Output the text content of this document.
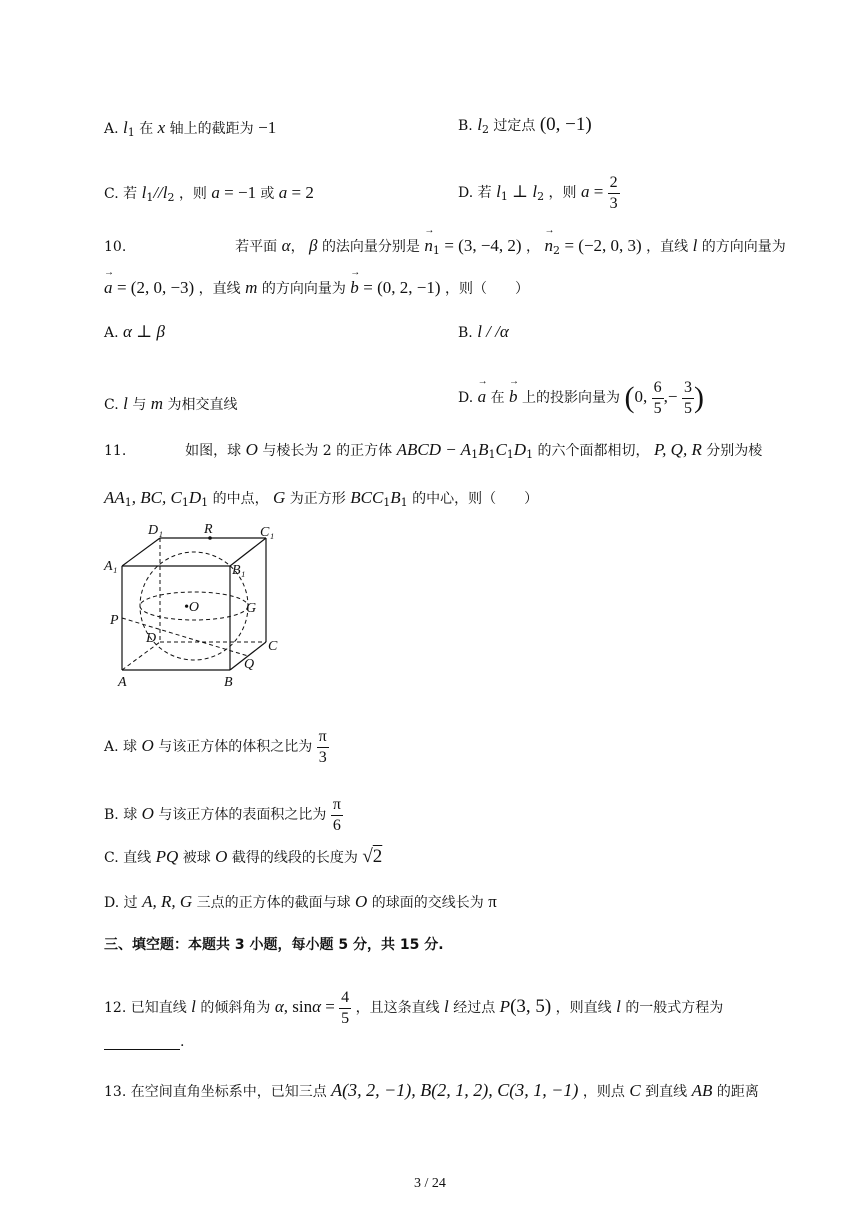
A. $l_1$ 在 x 轴上的截距为 −1	B. $l_2$ 过定点 (0, −1)
C. 若 $l_1//l_2$ ，则 a = −1 或 a = 2	D. 若 $l_1$ ⊥ $l_2$ ，则 $a = \frac{2}{3}$
10.	若平面 α， β 的法向量分别是 → $n_1 = (3$, −4, 2) ， → $n_2 = (-2$, 0, 3) ，直线 l 的方向向量为
→ a = (2, 0, −3) ，直线 m 的方向向量为 → b = (0, 2, −1) ，则（　　）
A. α ⊥ β	B. l / /α
C. l 与 m 为相交直线	D. → a 在 → b 上的投影向量为 (0, $\frac{6}{5}$ ,− $\frac{3}{5}$ )
11.	如图，球 O 与棱长为 2 的正方体 ABCD − $A_1B_1C_1D_1$ 的六个面都相切， P, Q, R 分别为棱
$AA_1$, BC, $C_1D_1$ 的中点， G 为正方形 $BCC_1B_1$ 的中心，则（　　）
D₁	R	C₁
A₁	B₁
•O	G
P
D
C
Q
A	B
A. 球 O 与该正方体的体积之比为 $\frac{\pi}{3}$
B. 球 O 与该正方体的表面积之比为 $\frac{\pi}{6}$
C. 直线 PQ 被球 O 截得的线段的长度为 √2
D. 过 A, R, G 三点的正方体的截面与球 O 的球面的交线长为 π
三、填空题：本题共 3 小题，每小题 5 分，共 15 分.
12. 已知直线 l 的倾斜角为 α, $\sin\alpha = \frac{4}{5}$ ，且这条直线 l 经过点 P(3, 5) ，则直线 l 的一般式方程为
.
13. 在空间直角坐标系中，已知三点 A(3, 2, −1), B(2, 1, 2), C(3, 1, −1) ，则点 C 到直线 AB 的距离
3 / 24
